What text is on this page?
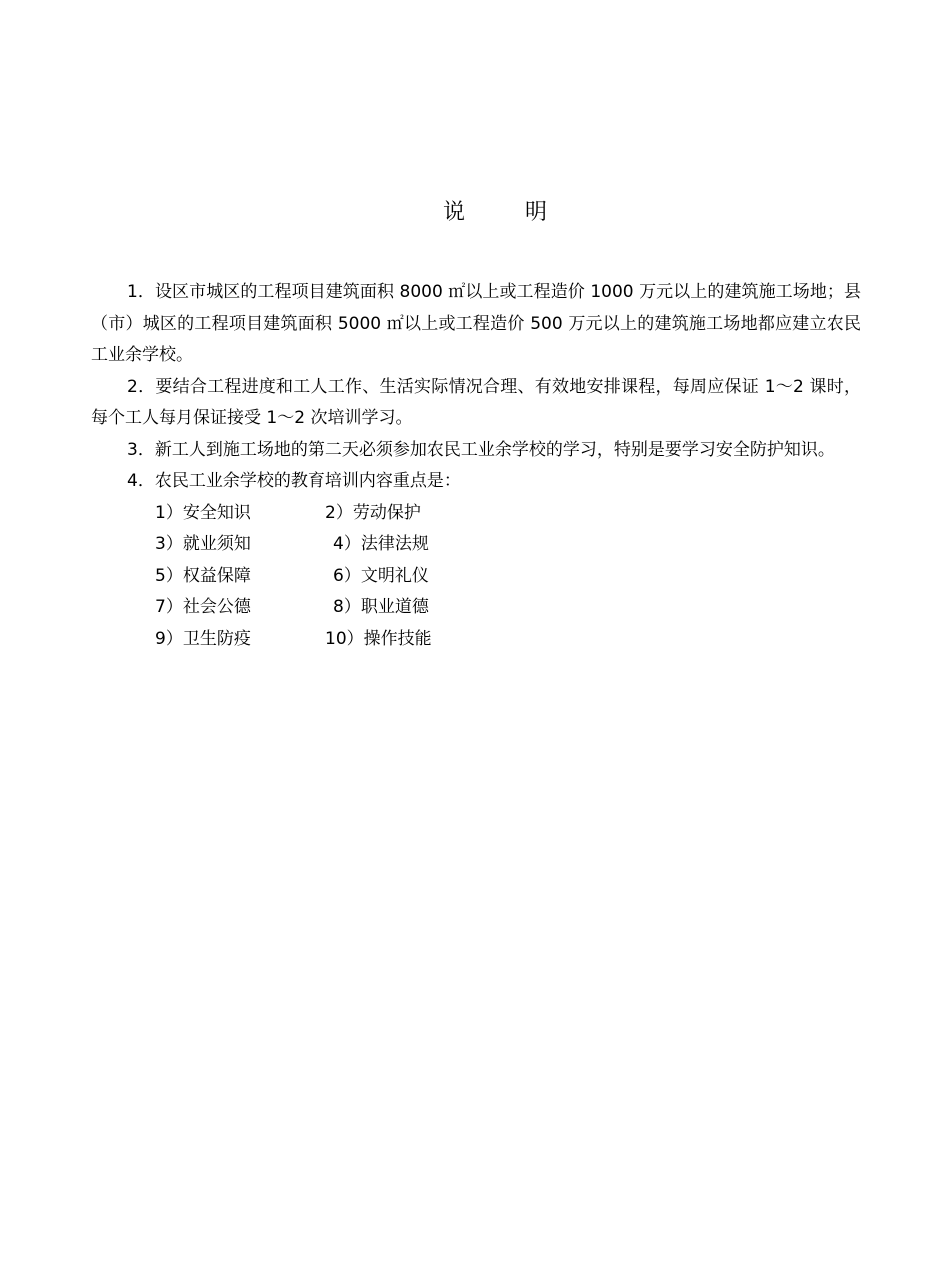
说	明

1．设区市城区的工程项目建筑面积 8000 ㎡以上或工程造价 1000 万元以上的建筑施工场地；县（市）城区的工程项目建筑面积 5000 ㎡以上或工程造价 500 万元以上的建筑施工场地都应建立农民工业余学校。

2．要结合工程进度和工人工作、生活实际情况合理、有效地安排课程，每周应保证 1～2 课时，每个工人每月保证接受 1～2 次培训学习。

3．新工人到施工场地的第二天必须参加农民工业余学校的学习，特别是要学习安全防护知识。

4．农民工业余学校的教育培训内容重点是：

1）安全知识	2）劳动保护
3）就业须知	4）法律法规
5）权益保障	6）文明礼仪
7）社会公德	8）职业道德
9）卫生防疫	10）操作技能
